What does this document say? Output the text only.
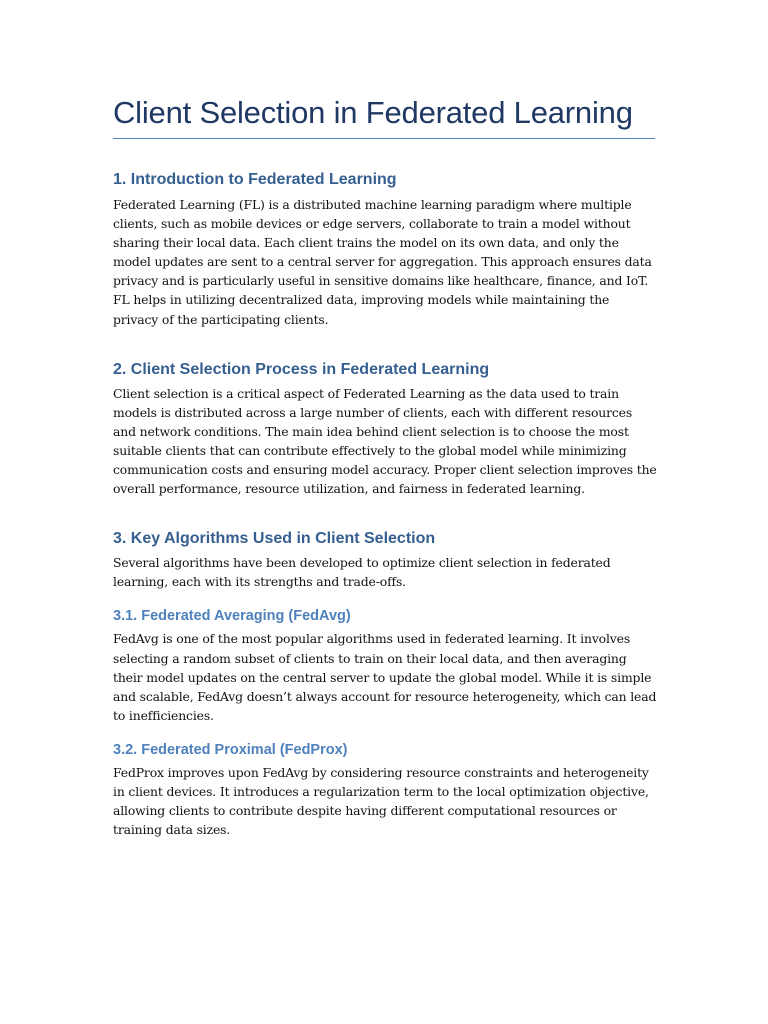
Client Selection in Federated Learning
1. Introduction to Federated Learning

Federated Learning (FL) is a distributed machine learning paradigm where multiple clients, such as mobile devices or edge servers, collaborate to train a model without sharing their local data. Each client trains the model on its own data, and only the model updates are sent to a central server for aggregation. This approach ensures data privacy and is particularly useful in sensitive domains like healthcare, finance, and IoT. FL helps in utilizing decentralized data, improving models while maintaining the privacy of the participating clients.

2. Client Selection Process in Federated Learning

Client selection is a critical aspect of Federated Learning as the data used to train models is distributed across a large number of clients, each with different resources and network conditions. The main idea behind client selection is to choose the most suitable clients that can contribute effectively to the global model while minimizing communication costs and ensuring model accuracy. Proper client selection improves the overall performance, resource utilization, and fairness in federated learning.

3. Key Algorithms Used in Client Selection

Several algorithms have been developed to optimize client selection in federated learning, each with its strengths and trade-offs.

3.1. Federated Averaging (FedAvg)

FedAvg is one of the most popular algorithms used in federated learning. It involves selecting a random subset of clients to train on their local data, and then averaging their model updates on the central server to update the global model. While it is simple and scalable, FedAvg doesn’t always account for resource heterogeneity, which can lead to inefficiencies.

3.2. Federated Proximal (FedProx)

FedProx improves upon FedAvg by considering resource constraints and heterogeneity in client devices. It introduces a regularization term to the local optimization objective, allowing clients to contribute despite having different computational resources or training data sizes.
